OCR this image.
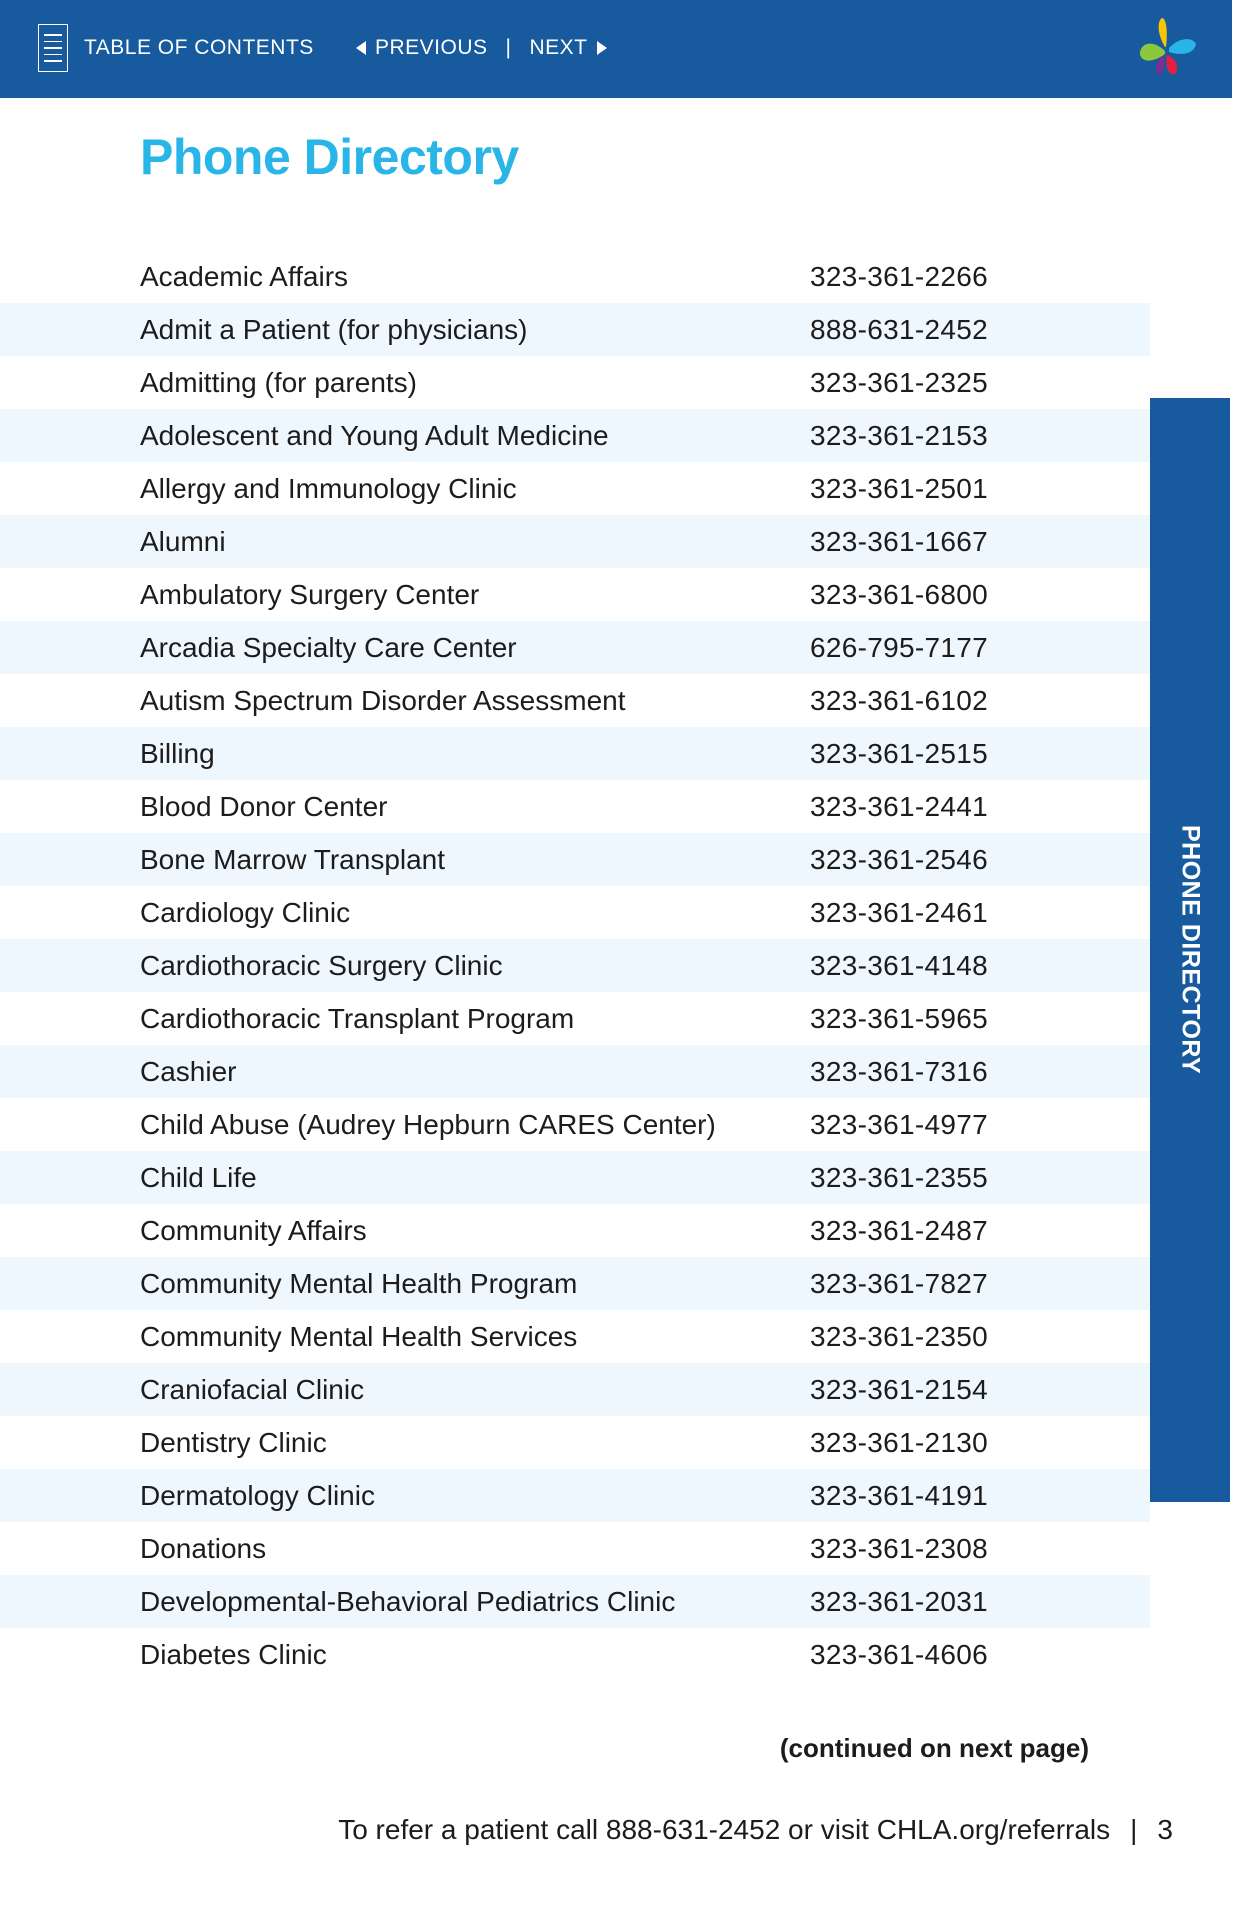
TABLE OF CONTENTS	PREVIOUS | NEXT
Phone Directory
Academic Affairs	323-361-2266
Admit a Patient (for physicians)	888-631-2452
Admitting (for parents)	323-361-2325
Adolescent and Young Adult Medicine	323-361-2153
Allergy and Immunology Clinic	323-361-2501
Alumni	323-361-1667
Ambulatory Surgery Center	323-361-6800
Arcadia Specialty Care Center	626-795-7177
Autism Spectrum Disorder Assessment	323-361-6102
Billing	323-361-2515
Blood Donor Center	323-361-2441
Bone Marrow Transplant	323-361-2546
Cardiology Clinic	323-361-2461
Cardiothoracic Surgery Clinic	323-361-4148
Cardiothoracic Transplant Program	323-361-5965
Cashier	323-361-7316
Child Abuse (Audrey Hepburn CARES Center)	323-361-4977
Child Life	323-361-2355
Community Affairs	323-361-2487
Community Mental Health Program	323-361-7827
Community Mental Health Services	323-361-2350
Craniofacial Clinic	323-361-2154
Dentistry Clinic	323-361-2130
Dermatology Clinic	323-361-4191
Donations	323-361-2308
Developmental-Behavioral Pediatrics Clinic	323-361-2031
Diabetes Clinic	323-361-4606
PHONE DIRECTORY
(continued on next page)
To refer a patient call 888-631-2452 or visit CHLA.org/referrals | 3
